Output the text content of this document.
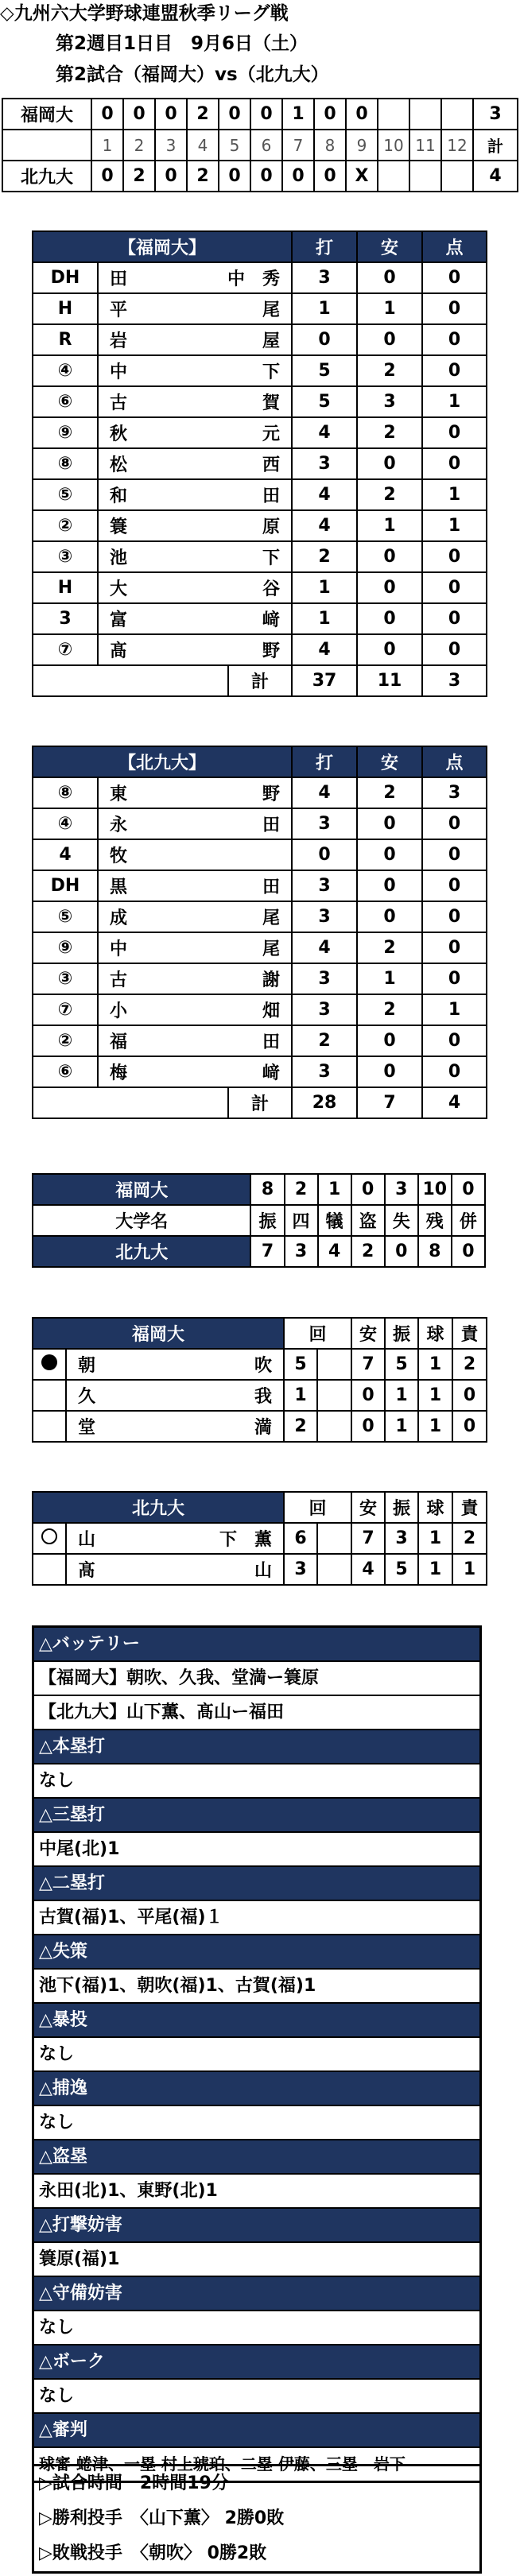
◇九州六大学野球連盟秋季リーグ戦
第2週目1日目　9月6日（土）
第2試合（福岡大）vs（北九大）
福岡大	0	0	0	2	0	0	1	0	0				3
	1	2	3	4	5	6	7	8	9	10	11	12	計
北九大	0	2	0	2	0	0	0	0	X				4
【福岡大】			打	安	点
DH	田 中　秀		3	0	0
H	平 尾		1	1	0
R	岩 屋		0	0	0
④	中 下		5	2	0
⑥	古 賀		5	3	1
⑨	秋 元		4	2	0
⑧	松 西		3	0	0
⑤	和 田		4	2	1
②	簑 原		4	1	1
③	池 下		2	0	0
H	大 谷		1	0	0
3	富 﨑		1	0	0
⑦	髙 野		4	0	0
		計	37	11	3
【北九大】			打	安	点
⑧	東 野		4	2	3
④	永 田		3	0	0
4	牧		0	0	0
DH	黒 田		3	0	0
⑤	成 尾		3	0	0
⑨	中 尾		4	2	0
③	古 謝		3	1	0
⑦	小 畑		3	2	1
②	福 田		2	0	0
⑥	梅 﨑		3	0	0
		計	28	7	4
福岡大	8	2	1	0	3	10	0
大学名	振	四	犠	盗	失	残	併
北九大	7	3	4	2	0	8	0
福岡大		回		安	振	球	責

	朝 吹	5		7	5	1	2

	久 我	1		0	1	1	0

	堂 満	2		0	1	1	0
北九大		回		安	振	球	責

	山 下　薫	6		7	3	1	2

	髙 山	3		4	5	1	1
△バッテリー
【福岡大】朝吹、久我、堂満ー簑原
【北九大】山下薫、髙山ー福田
△本塁打
なし
△三塁打
中尾(北)1
△二塁打
古賀(福)1、平尾(福)１
△失策
池下(福)1、朝吹(福)1、古賀(福)1
△暴投
なし
△捕逸
なし
△盗塁
永田(北)1、東野(北)1
△打撃妨害
簑原(福)1
△守備妨害
なし
△ボーク
なし
△審判
球審 蜷津、一塁 村上琥珀、二塁 伊藤、三塁　岩下
▷試合時間　2時間19分
▷勝利投手　〈山下薫〉 2勝0敗
▷敗戦投手　〈朝吹〉 0勝2敗
